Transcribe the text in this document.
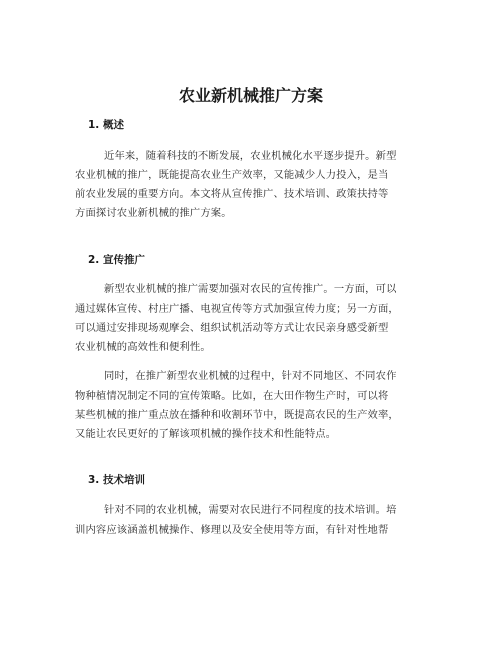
农业新机械推广方案
1. 概述
近年来，随着科技的不断发展，农业机械化水平逐步提升。新型
农业机械的推广，既能提高农业生产效率，又能减少人力投入，是当
前农业发展的重要方向。本文将从宣传推广、技术培训、政策扶持等
方面探讨农业新机械的推广方案。
2. 宣传推广
新型农业机械的推广需要加强对农民的宣传推广。一方面，可以
通过媒体宣传、村庄广播、电视宣传等方式加强宣传力度；另一方面，
可以通过安排现场观摩会、组织试机活动等方式让农民亲身感受新型
农业机械的高效性和便利性。
同时，在推广新型农业机械的过程中，针对不同地区、不同农作
物种植情况制定不同的宣传策略。比如，在大田作物生产时，可以将
某些机械的推广重点放在播种和收割环节中，既提高农民的生产效率，
又能让农民更好的了解该项机械的操作技术和性能特点。
3. 技术培训
针对不同的农业机械，需要对农民进行不同程度的技术培训。培
训内容应该涵盖机械操作、修理以及安全使用等方面，有针对性地帮
